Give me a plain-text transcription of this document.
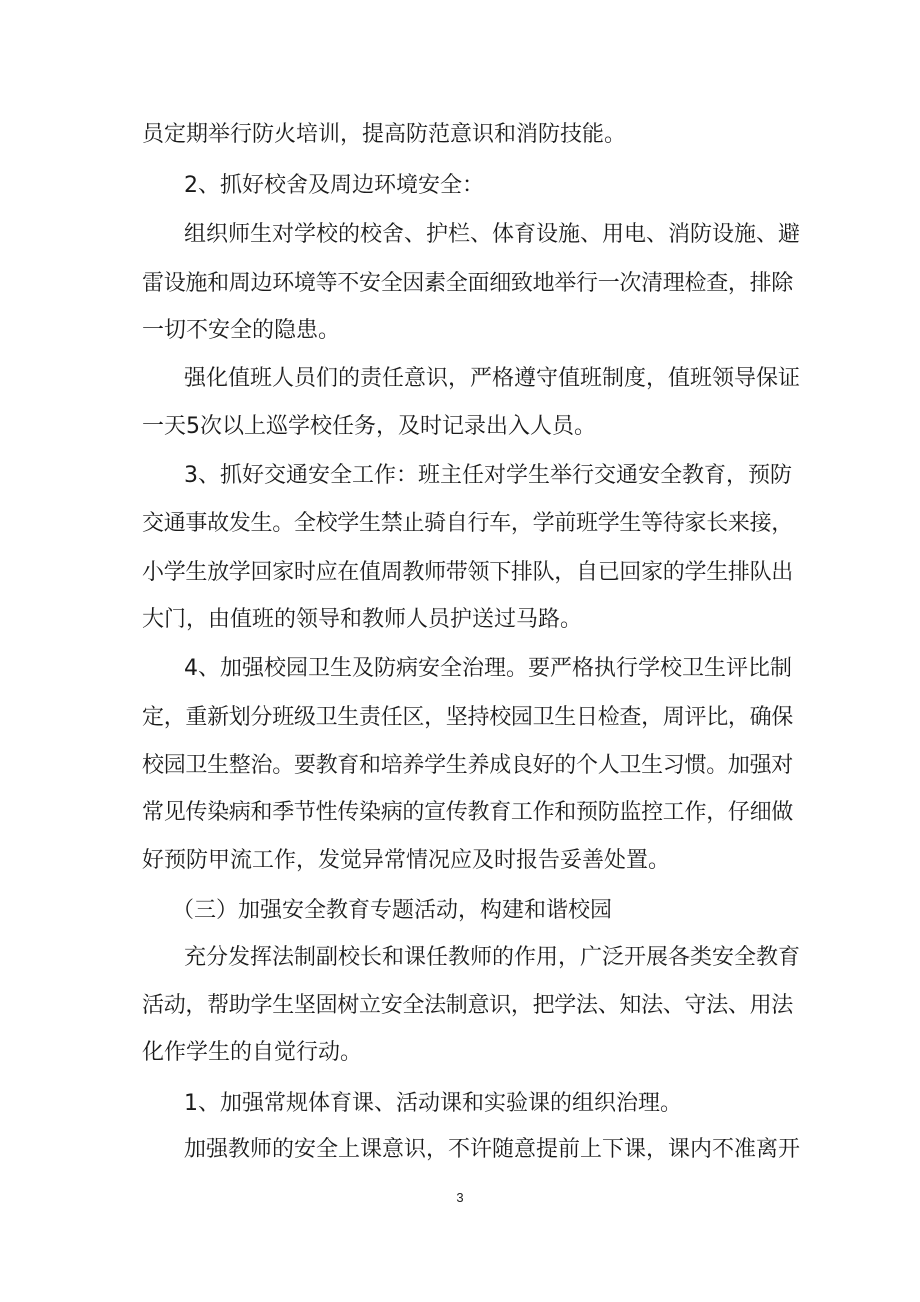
员定期举行防火培训，提高防范意识和消防技能。
2、抓好校舍及周边环境安全：
组织师生对学校的校舍、护栏、体育设施、用电、消防设施、避
雷设施和周边环境等不安全因素全面细致地举行一次清理检查，排除
一切不安全的隐患。
强化值班人员们的责任意识，严格遵守值班制度，值班领导保证
一天5次以上巡学校任务，及时记录出入人员。
3、抓好交通安全工作：班主任对学生举行交通安全教育，预防
交通事故发生。全校学生禁止骑自行车，学前班学生等待家长来接，
小学生放学回家时应在值周教师带领下排队，自已回家的学生排队出
大门，由值班的领导和教师人员护送过马路。
4、加强校园卫生及防病安全治理。要严格执行学校卫生评比制
定，重新划分班级卫生责任区，坚持校园卫生日检查，周评比，确保
校园卫生整治。要教育和培养学生养成良好的个人卫生习惯。加强对
常见传染病和季节性传染病的宣传教育工作和预防监控工作，仔细做
好预防甲流工作，发觉异常情况应及时报告妥善处置。
（三）加强安全教育专题活动，构建和谐校园
充分发挥法制副校长和课任教师的作用，广泛开展各类安全教育
活动，帮助学生坚固树立安全法制意识，把学法、知法、守法、用法
化作学生的自觉行动。
1、加强常规体育课、活动课和实验课的组织治理。
加强教师的安全上课意识，不许随意提前上下课，课内不准离开
3
